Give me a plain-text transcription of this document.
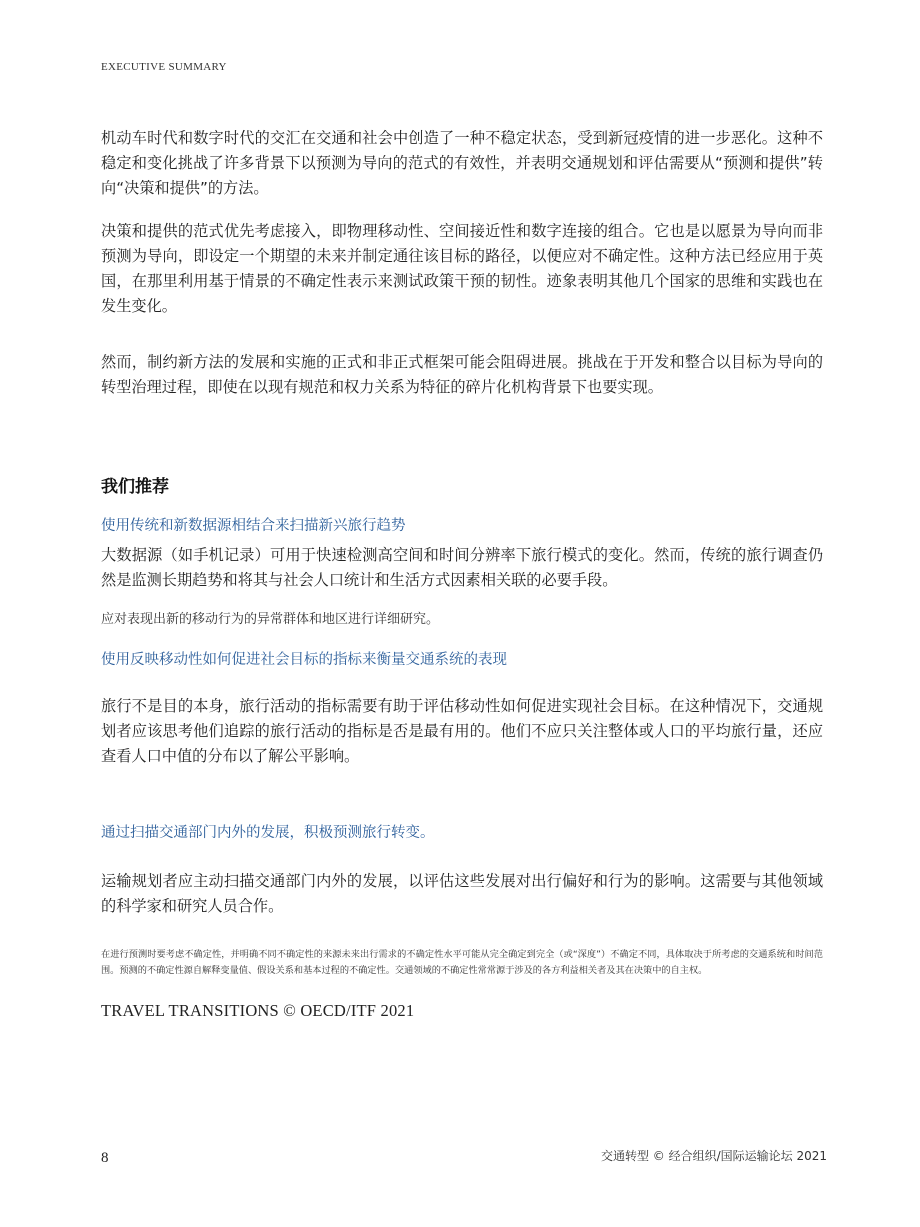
EXECUTIVE SUMMARY

机动车时代和数字时代的交汇在交通和社会中创造了一种不稳定状态，受到新冠疫情的进一步恶化。这种不稳定和变化挑战了许多背景下以预测为导向的范式的有效性，并表明交通规划和评估需要从“预测和提供”转向“决策和提供”的方法。

决策和提供的范式优先考虑接入，即物理移动性、空间接近性和数字连接的组合。它也是以愿景为导向而非预测为导向，即设定一个期望的未来并制定通往该目标的路径，以便应对不确定性。这种方法已经应用于英国，在那里利用基于情景的不确定性表示来测试政策干预的韧性。迹象表明其他几个国家的思维和实践也在发生变化。

然而，制约新方法的发展和实施的正式和非正式框架可能会阻碍进展。挑战在于开发和整合以目标为导向的转型治理过程，即使在以现有规范和权力关系为特征的碎片化机构背景下也要实现。

我们推荐

使用传统和新数据源相结合来扫描新兴旅行趋势

大数据源（如手机记录）可用于快速检测高空间和时间分辨率下旅行模式的变化。然而，传统的旅行调查仍然是监测长期趋势和将其与社会人口统计和生活方式因素相关联的必要手段。

应对表现出新的移动行为的异常群体和地区进行详细研究。

使用反映移动性如何促进社会目标的指标来衡量交通系统的表现

旅行不是目的本身，旅行活动的指标需要有助于评估移动性如何促进实现社会目标。在这种情况下，交通规划者应该思考他们追踪的旅行活动的指标是否是最有用的。他们不应只关注整体或人口的平均旅行量，还应查看人口中值的分布以了解公平影响。

通过扫描交通部门内外的发展，积极预测旅行转变。

运输规划者应主动扫描交通部门内外的发展，以评估这些发展对出行偏好和行为的影响。这需要与其他领域的科学家和研究人员合作。

在进行预测时要考虑不确定性，并明确不同不确定性的来源未来出行需求的不确定性水平可能从完全确定到完全（或“深度”）不确定不同，具体取决于所考虑的交通系统和时间范围。预测的不确定性源自解释变量值、假设关系和基本过程的不确定性。交通领域的不确定性常常源于涉及的各方利益相关者及其在决策中的自主权。

TRAVEL TRANSITIONS © OECD/ITF 2021
8	交通转型 © 经合组织/国际运输论坛 2021
